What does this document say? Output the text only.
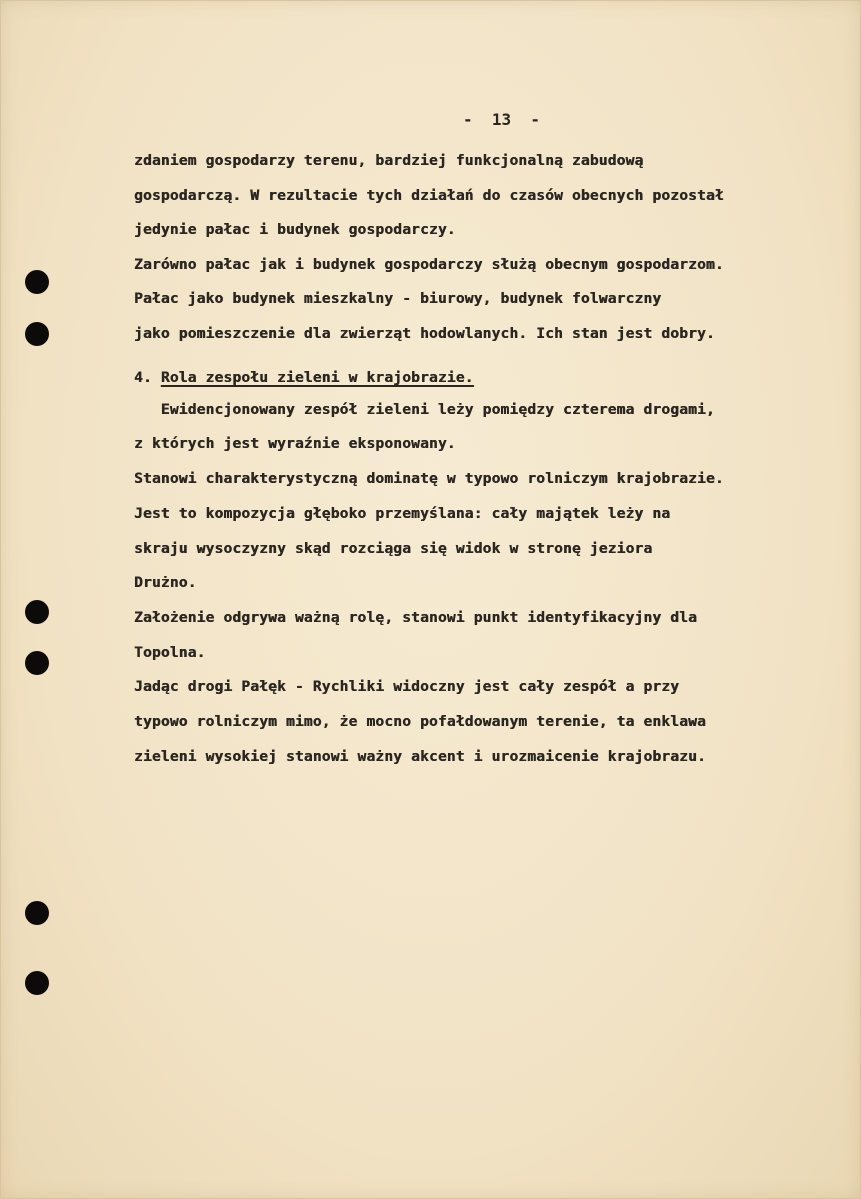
-  13  -
zdaniem gospodarzy terenu, bardziej funkcjonalną zabudową
gospodarczą. W rezultacie tych działań do czasów obecnych pozostał
jedynie pałac i budynek gospodarczy.
Zarówno pałac jak i budynek gospodarczy służą obecnym gospodarzom.
Pałac jako budynek mieszkalny - biurowy, budynek folwarczny
jako pomieszczenie dla zwierząt hodowlanych. Ich stan jest dobry.
4. Rola zespołu zieleni w krajobrazie.
Ewidencjonowany zespół zieleni leży pomiędzy czterema drogami,
z których jest wyraźnie eksponowany.
Stanowi charakterystyczną dominatę w typowo rolniczym krajobrazie.
Jest to kompozycja głęboko przemyślana: cały majątek leży na
skraju wysoczyzny skąd rozciąga się widok w stronę jeziora
Drużno.
Założenie odgrywa ważną rolę, stanowi punkt identyfikacyjny dla
Topolna.
Jadąc drogi Pałęk - Rychliki widoczny jest cały zespół a przy
typowo rolniczym mimo, że mocno pofałdowanym terenie, ta enklawa
zieleni wysokiej stanowi ważny akcent i urozmaicenie krajobrazu.
